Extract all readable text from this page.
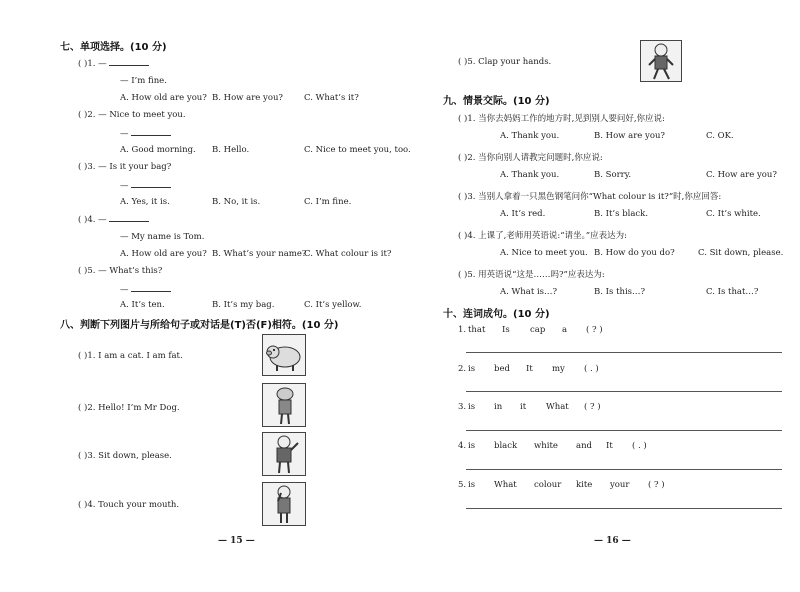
七、单项选择。(10 分)
( )1. —
— I’m fine.
A. How old are you? B. How are you? C. What’s it?
( )2. — Nice to meet you.
—
A. Good morning. B. Hello.	C. Nice to meet you, too.
( )3. — Is it your bag?
—
A. Yes, it is.	B. No, it is.	C. I’m fine.
( )4. —
— My name is Tom.
A. How old are you? B. What’s your name?
C. What colour is it?
( )5. — What’s this?
—
A. It’s ten.	B. It’s my bag.	C. It’s yellow.
八、判断下列图片与所给句子或对话是(T)否(F)相符。(10 分)
( )1. I am a cat. I am fat.
( )2. Hello! I’m Mr Dog.
( )3. Sit down, please.
( )4. Touch your mouth.
— 15 —
( )5. Clap your hands.
九、情景交际。(10 分)
( )1. 当你去妈妈工作的地方时,见到别人要问好,你应说:
A. Thank you.	B. How are you?	C. OK.
( )2. 当你向别人请教完问题时,你应说:
A. Thank you.	B. Sorry.	C. How are you?
( )3. 当别人拿着一只黑色钢笔问你“What colour is it?”时,你应回答:
A. It’s red.	B. It’s black.	C. It’s white.
( )4. 上课了,老师用英语说:“请坐。”应表达为:
A. Nice to meet you. B. How do you do?	C. Sit down, please.
( )5. 用英语说“这是……吗?”应表达为:
A. What is…?	B. Is this…?	C. Is that…?
十、连词成句。(10 分)
1. that Is cap a ( ? )
2. is bed It my ( . )
3. is in it What ( ? )
4. is black white and It ( . )
5. is What colour kite your ( ? )
— 16 —
